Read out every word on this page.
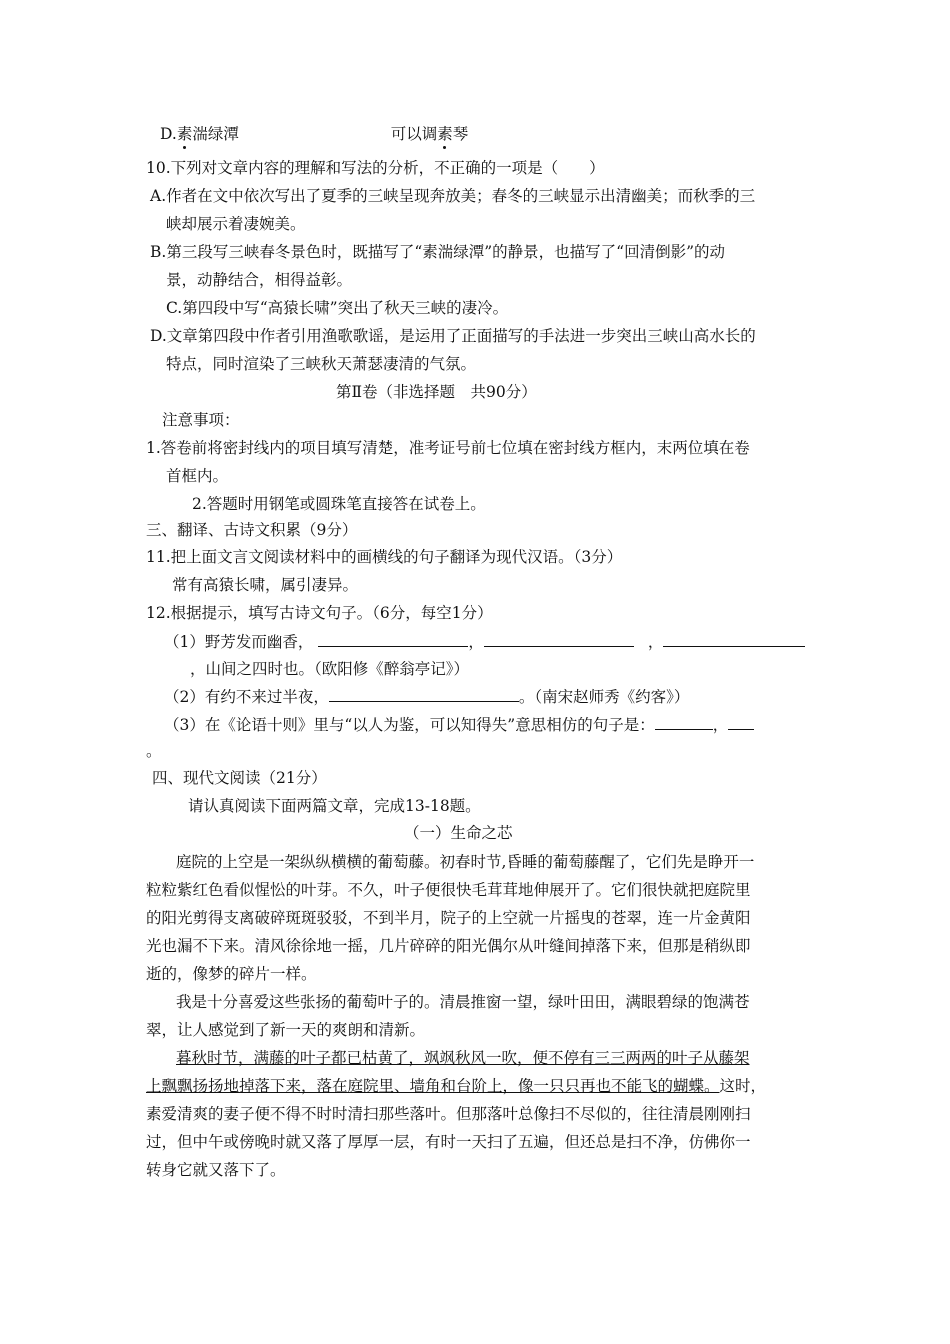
D.素湍绿潭	可以调素琴
10.下列对文章内容的理解和写法的分析，不正确的一项是（　　）
A.作者在文中依次写出了夏季的三峡呈现奔放美；春冬的三峡显示出清幽美；而秋季的三
峡却展示着凄婉美。
B.第三段写三峡春冬景色时，既描写了“素湍绿潭”的静景，也描写了“回清倒影”的动
景，动静结合，相得益彰。
C.第四段中写“高猿长啸”突出了秋天三峡的凄冷。
D.文章第四段中作者引用渔歌歌谣，是运用了正面描写的手法进一步突出三峡山高水长的
特点，同时渲染了三峡秋天萧瑟凄清的气氛。
第Ⅱ卷（非选择题　共90分）
注意事项：
1.答卷前将密封线内的项目填写清楚，准考证号前七位填在密封线方框内，末两位填在卷
首框内。
2.答题时用钢笔或圆珠笔直接答在试卷上。
三、翻译、古诗文积累（9分）
11.把上面文言文阅读材料中的画横线的句子翻译为现代汉语。（3分）
常有高猿长啸，属引凄异。
12.根据提示，填写古诗文句子。（6分，每空1分）
（1）野芳发而幽香，	，	，
，山间之四时也。（欧阳修《醉翁亭记》）
（2）有约不来过半夜，	。（南宋赵师秀《约客》）
（3）在《论语十则》里与“以人为鉴，可以知得失”意思相仿的句子是：	，
。
四、现代文阅读（21分）
请认真阅读下面两篇文章，完成13-18题。
（一）生命之芯
庭院的上空是一架纵纵横横的葡萄藤。初春时节,昏睡的葡萄藤醒了，它们先是睁开一
粒粒紫红色看似惺忪的叶芽。不久，叶子便很快毛茸茸地伸展开了。它们很快就把庭院里
的阳光剪得支离破碎斑斑驳驳，不到半月，院子的上空就一片摇曳的苍翠，连一片金黄阳
光也漏不下来。清风徐徐地一摇，几片碎碎的阳光偶尔从叶缝间掉落下来，但那是稍纵即
逝的，像梦的碎片一样。
我是十分喜爱这些张扬的葡萄叶子的。清晨推窗一望，绿叶田田，满眼碧绿的饱满苍
翠，让人感觉到了新一天的爽朗和清新。
暮秋时节，满藤的叶子都已枯黄了，飒飒秋风一吹，便不停有三三两两的叶子从藤架
上飘飘扬扬地掉落下来，落在庭院里、墙角和台阶上，像一只只再也不能飞的蝴蝶。这时，
素爱清爽的妻子便不得不时时清扫那些落叶。但那落叶总像扫不尽似的，往往清晨刚刚扫
过，但中午或傍晚时就又落了厚厚一层，有时一天扫了五遍，但还总是扫不净，仿佛你一
转身它就又落下了。
